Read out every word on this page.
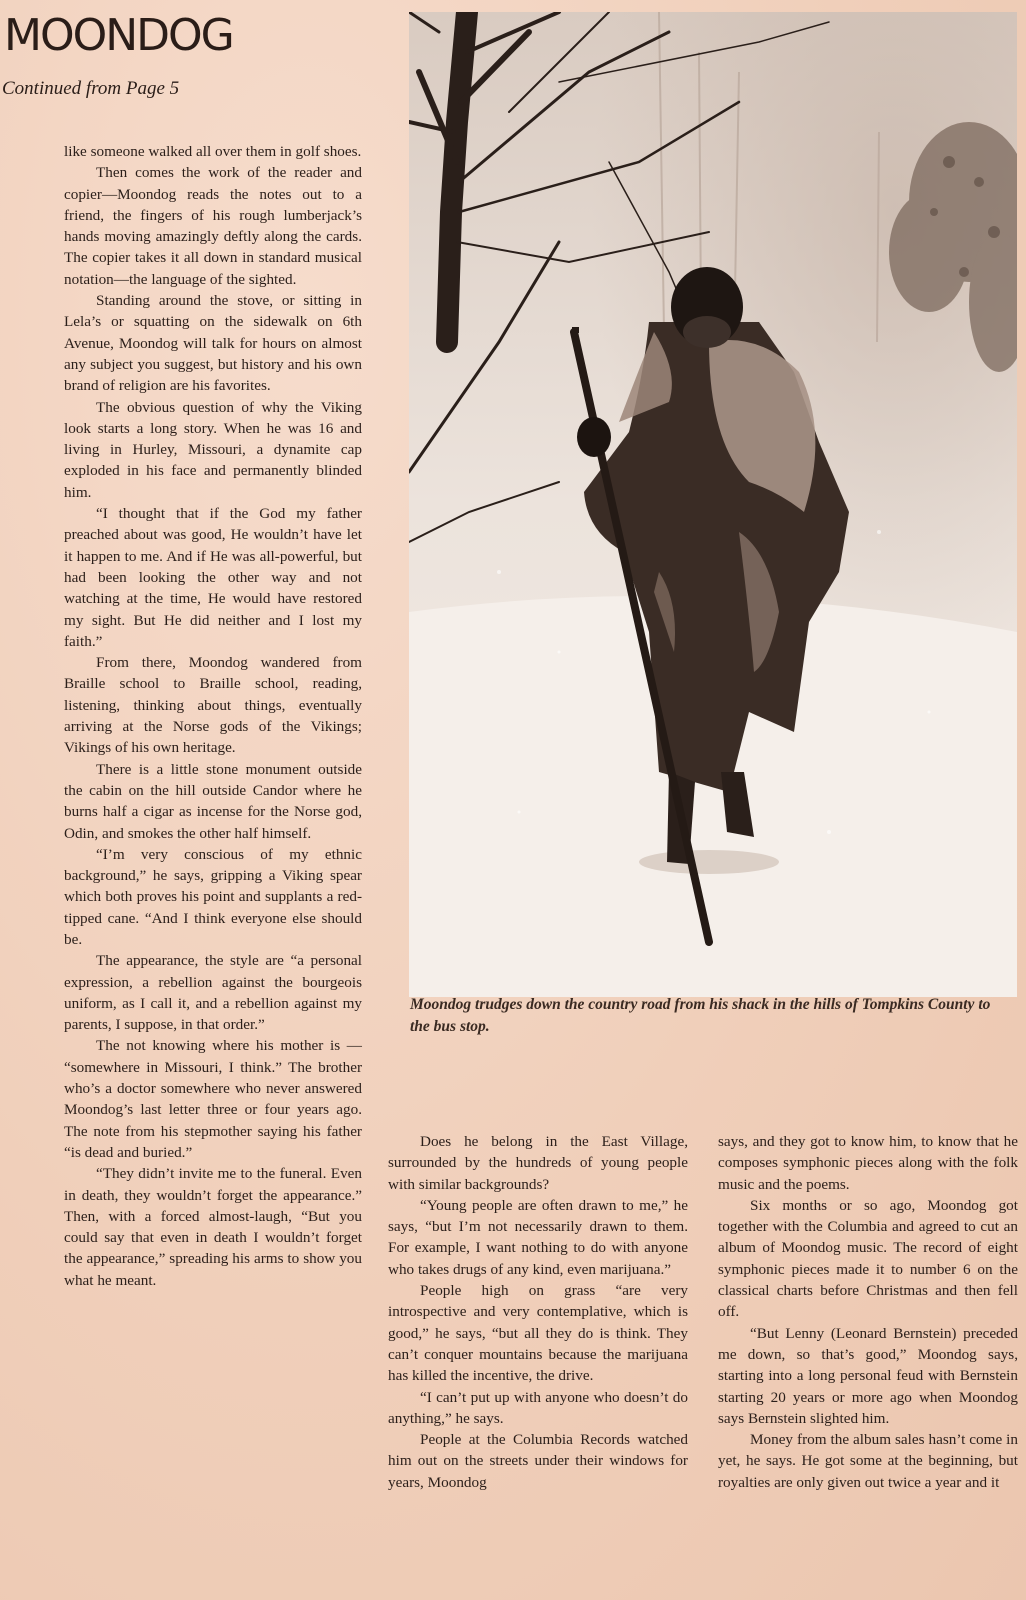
MOONDOG
Continued from Page 5

like someone walked all over them in golf shoes.

Then comes the work of the reader and copier—Moondog reads the notes out to a friend, the fingers of his rough lumberjack’s hands moving amazingly deftly along the cards. The copier takes it all down in standard musical notation—the language of the sighted.

Standing around the stove, or sitting in Lela’s or squatting on the sidewalk on 6th Avenue, Moondog will talk for hours on almost any subject you suggest, but history and his own brand of religion are his favorites.

The obvious question of why the Viking look starts a long story. When he was 16 and living in Hurley, Missouri, a dynamite cap exploded in his face and permanently blinded him.

“I thought that if the God my father preached about was good, He wouldn’t have let it happen to me. And if He was all-powerful, but had been looking the other way and not watching at the time, He would have restored my sight. But He did neither and I lost my faith.”

From there, Moondog wandered from Braille school to Braille school, reading, listening, thinking about things, eventually arriving at the Norse gods of the Vikings; Vikings of his own heritage.

There is a little stone monument outside the cabin on the hill outside Candor where he burns half a cigar as incense for the Norse god, Odin, and smokes the other half himself.

“I’m very conscious of my ethnic background,” he says, gripping a Viking spear which both proves his point and supplants a red-tipped cane. “And I think everyone else should be.

The appearance, the style are “a personal expression, a rebellion against the bourgeois uniform, as I call it, and a rebellion against my parents, I suppose, in that order.”

The not knowing where his mother is — “somewhere in Missouri, I think.” The brother who’s a doctor somewhere who never answered Moondog’s last letter three or four years ago. The note from his stepmother saying his father “is dead and buried.”

“They didn’t invite me to the funeral. Even in death, they wouldn’t forget the appearance.” Then, with a forced almost-laugh, “But you could say that even in death I wouldn’t forget the appearance,” spreading his arms to show you what he meant.

Moondog trudges down the country road from his shack in the hills of Tompkins County to the bus stop.

Does he belong in the East Village, surrounded by the hundreds of young people with similar backgrounds?

“Young people are often drawn to me,” he says, “but I’m not necessarily drawn to them. For example, I want nothing to do with anyone who takes drugs of any kind, even marijuana.”

People high on grass “are very introspective and very contemplative, which is good,” he says, “but all they do is think. They can’t conquer mountains because the marijuana has killed the incentive, the drive.

“I can’t put up with anyone who doesn’t do anything,” he says.

People at the Columbia Records watched him out on the streets under their windows for years, Moondog

says, and they got to know him, to know that he composes symphonic pieces along with the folk music and the poems.

Six months or so ago, Moondog got together with the Columbia and agreed to cut an album of Moondog music. The record of eight symphonic pieces made it to number 6 on the classical charts before Christmas and then fell off.

“But Lenny (Leonard Bernstein) preceded me down, so that’s good,” Moondog says, starting into a long personal feud with Bernstein starting 20 years or more ago when Moondog says Bernstein slighted him.

Money from the album sales hasn’t come in yet, he says. He got some at the beginning, but royalties are only given out twice a year and it
